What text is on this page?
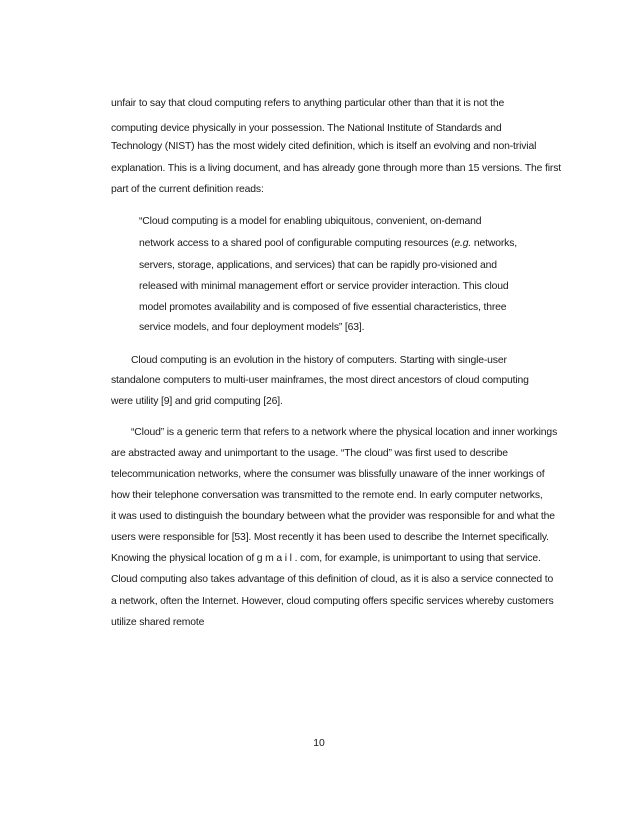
unfair to say that cloud computing refers to anything particular other than that it is not the

computing device physically in your possession. The National Institute of Standards and

Technology (NIST) has the most widely cited definition, which is itself an evolving and non-trivial

explanation. This is a living document, and has already gone through more than 15 versions. The first

part of the current definition reads:

“Cloud computing is a model for enabling ubiquitous, convenient, on-demand

network access to a shared pool of configurable computing resources (e.g. networks,

servers, storage, applications, and services) that can be rapidly pro-visioned and

released with minimal management effort or service provider interaction. This cloud

model promotes availability and is composed of five essential characteristics, three

service models, and four deployment models” [63].

Cloud computing is an evolution in the history of computers. Starting with single-user

standalone computers to multi-user mainframes, the most direct ancestors of cloud computing

were utility [9] and grid computing [26].

“Cloud” is a generic term that refers to a network where the physical location and inner workings

are abstracted away and unimportant to the usage. “The cloud” was first used to describe

telecommunication networks, where the consumer was blissfully unaware of the inner workings of

how their telephone conversation was transmitted to the remote end. In early computer networks,

it was used to distinguish the boundary between what the provider was responsible for and what the

users were responsible for [53]. Most recently it has been used to describe the Internet specifically.

Knowing the physical location of g m a i l . com, for example, is unimportant to using that service.

Cloud computing also takes advantage of this definition of cloud, as it is also a service connected to

a network, often the Internet. However, cloud computing offers specific services whereby customers

utilize shared remote

10
